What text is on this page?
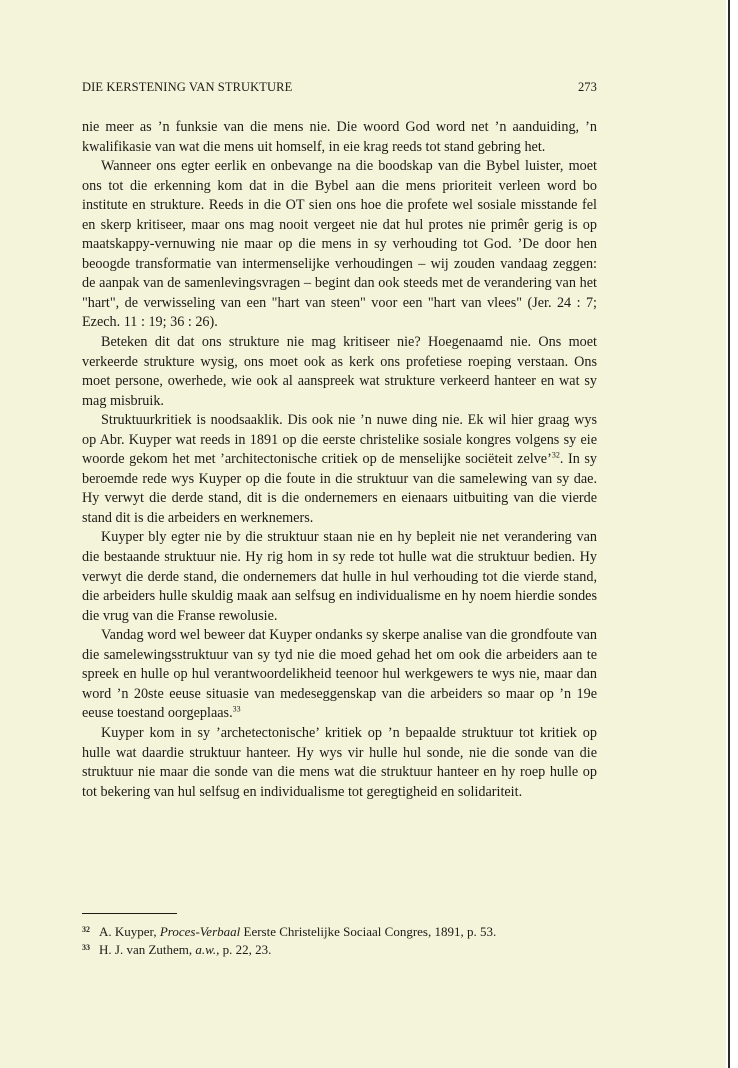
DIE KERSTENING VAN STRUKTURE	273

nie meer as ’n funksie van die mens nie. Die woord God word net ’n aanduiding, ’n kwalifikasie van wat die mens uit homself, in eie krag reeds tot stand gebring het.

Wanneer ons egter eerlik en onbevange na die boodskap van die Bybel luister, moet ons tot die erkenning kom dat in die Bybel aan die mens prioriteit verleen word bo institute en strukture. Reeds in die OT sien ons hoe die profete wel sosiale misstande fel en skerp kritiseer, maar ons mag nooit vergeet nie dat hul protes nie primêr gerig is op maatskappy-vernuwing nie maar op die mens in sy verhouding tot God. ’De door hen beoogde transformatie van intermenselijke verhoudingen – wij zouden vandaag zeggen: de aanpak van de samenlevingsvragen – begint dan ook steeds met de verandering van het "hart", de verwisseling van een "hart van steen" voor een "hart van vlees" (Jer. 24 : 7; Ezech. 11 : 19; 36 : 26).

Beteken dit dat ons strukture nie mag kritiseer nie? Hoegenaamd nie. Ons moet verkeerde strukture wysig, ons moet ook as kerk ons profetiese roeping verstaan. Ons moet persone, owerhede, wie ook al aanspreek wat strukture verkeerd hanteer en wat sy mag misbruik.

Struktuurkritiek is noodsaaklik. Dis ook nie ’n nuwe ding nie. Ek wil hier graag wys op Abr. Kuyper wat reeds in 1891 op die eerste christelike sosiale kongres volgens sy eie woorde gekom het met ’architectonische critiek op de menselijke sociëteit zelve’$^{32}$. In sy beroemde rede wys Kuyper op die foute in die struktuur van die samelewing van sy dae. Hy verwyt die derde stand, dit is die ondernemers en eienaars uitbuiting van die vierde stand dit is die arbeiders en werknemers.

Kuyper bly egter nie by die struktuur staan nie en hy bepleit nie net verandering van die bestaande struktuur nie. Hy rig hom in sy rede tot hulle wat die struktuur bedien. Hy verwyt die derde stand, die ondernemers dat hulle in hul verhouding tot die vierde stand, die arbeiders hulle skuldig maak aan selfsug en individualisme en hy noem hierdie sondes die vrug van die Franse rewolusie.

Vandag word wel beweer dat Kuyper ondanks sy skerpe analise van die grondfoute van die samelewingsstruktuur van sy tyd nie die moed gehad het om ook die arbeiders aan te spreek en hulle op hul verantwoordelikheid teenoor hul werkgewers te wys nie, maar dan word ’n 20ste eeuse situasie van medeseggenskap van die arbeiders so maar op ’n 19e eeuse toestand oorgeplaas.$^{33}$

Kuyper kom in sy ’archetectonische’ kritiek op ’n bepaalde struktuur tot kritiek op hulle wat daardie struktuur hanteer. Hy wys vir hulle hul sonde, nie die sonde van die struktuur nie maar die sonde van die mens wat die struktuur hanteer en hy roep hulle op tot bekering van hul selfsug en individualisme tot geregtigheid en solidariteit.

32 A. Kuyper, Proces-Verbaal Eerste Christelijke Sociaal Congres, 1891, p. 53.
33 H. J. van Zuthem, a.w., p. 22, 23.
